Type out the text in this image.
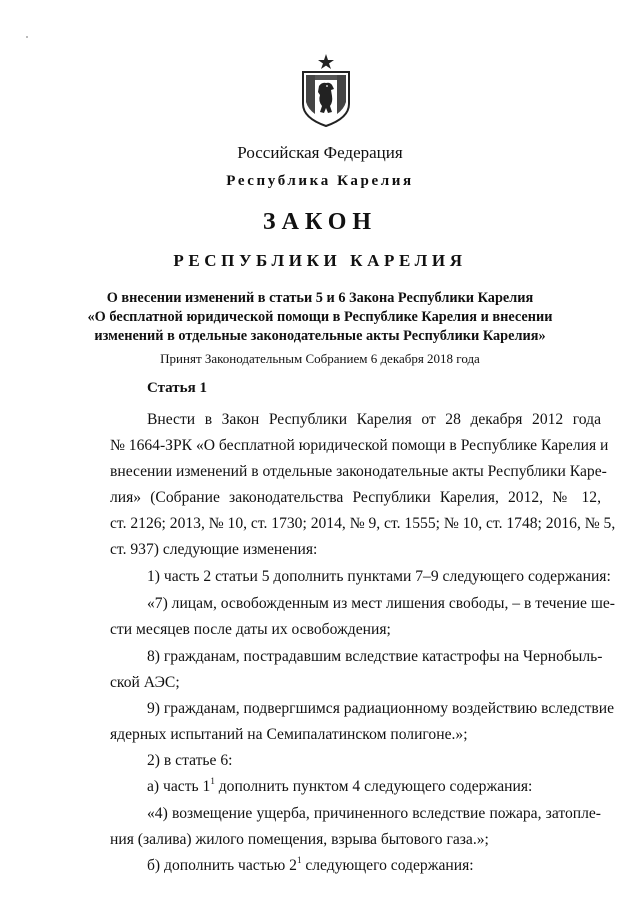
Российская Федерация
Республика Карелия
ЗАКОН
РЕСПУБЛИКИ КАРЕЛИЯ
О внесении изменений в статьи 5 и 6 Закона Республики Карелия
«О бесплатной юридической помощи в Республике Карелия и внесении
изменений в отдельные законодательные акты Республики Карелия»
Принят Законодательным Собранием 6 декабря 2018 года
Статья 1
Внести в Закон Республики Карелия от 28 декабря 2012 года
№ 1664-ЗРК «О бесплатной юридической помощи в Республике Карелия и
внесении изменений в отдельные законодательные акты Республики Каре-
лия» (Собрание законодательства Республики Карелия, 2012, № 12,
ст. 2126; 2013, № 10, ст. 1730; 2014, № 9, ст. 1555; № 10, ст. 1748; 2016, № 5,
ст. 937) следующие изменения:
1) часть 2 статьи 5 дополнить пунктами 7–9 следующего содержания:
«7) лицам, освобожденным из мест лишения свободы, – в течение ше-
сти месяцев после даты их освобождения;
8) гражданам, пострадавшим вследствие катастрофы на Чернобыль-
ской АЭС;
9) гражданам, подвергшимся радиационному воздействию вследствие
ядерных испытаний на Семипалатинском полигоне.»;
2) в статье 6:
а) часть $1^1$ дополнить пунктом 4 следующего содержания:
«4) возмещение ущерба, причиненного вследствие пожара, затопле-
ния (залива) жилого помещения, взрыва бытового газа.»;
б) дополнить частью $2^1$ следующего содержания:
